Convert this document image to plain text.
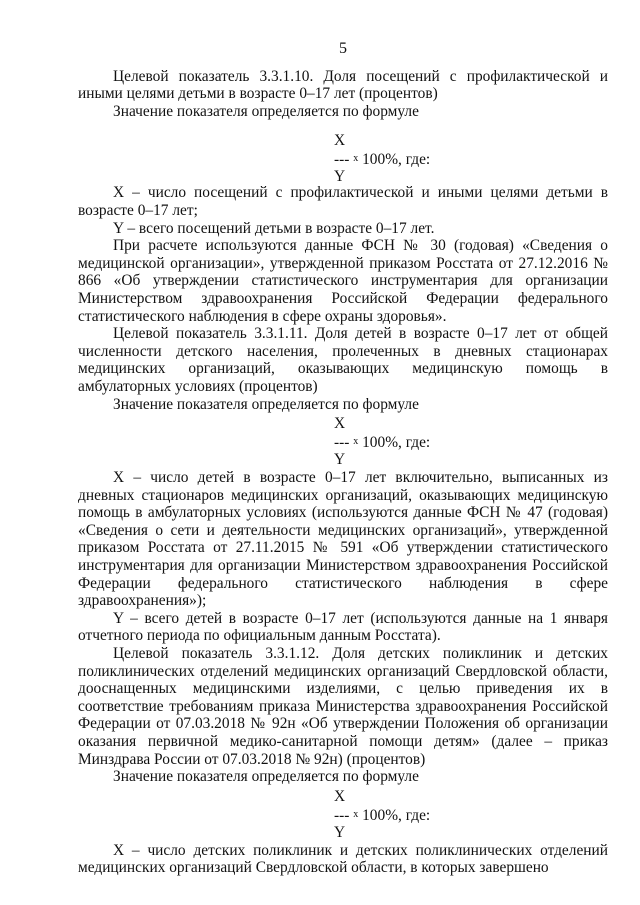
5

Целевой показатель 3.3.1.10. Доля посещений с профилактической и иными целями детьми в возрасте 0–17 лет (процентов)

Значение показателя определяется по формуле

X
--- x 100%, где:
Y

X – число посещений с профилактической и иными целями детьми в возрасте 0–17 лет;

Y – всего посещений детьми в возрасте 0–17 лет.

При расчете используются данные ФСН № 30 (годовая) «Сведения о медицинской организации», утвержденной приказом Росстата от 27.12.2016 № 866 «Об утверждении статистического инструментария для организации Министерством здравоохранения Российской Федерации федерального статистического наблюдения в сфере охраны здоровья».

Целевой показатель 3.3.1.11. Доля детей в возрасте 0–17 лет от общей численности детского населения, пролеченных в дневных стационарах медицинских организаций, оказывающих медицинскую помощь в амбулаторных условиях (процентов)

Значение показателя определяется по формуле

X
--- x 100%, где:
Y

X – число детей в возрасте 0–17 лет включительно, выписанных из дневных стационаров медицинских организаций, оказывающих медицинскую помощь в амбулаторных условиях (используются данные ФСН № 47 (годовая) «Сведения о сети и деятельности медицинских организаций», утвержденной приказом Росстата от 27.11.2015 № 591 «Об утверждении статистического инструментария для организации Министерством здравоохранения Российской Федерации федерального статистического наблюдения в сфере здравоохранения»);

Y – всего детей в возрасте 0–17 лет (используются данные на 1 января отчетного периода по официальным данным Росстата).

Целевой показатель 3.3.1.12. Доля детских поликлиник и детских поликлинических отделений медицинских организаций Свердловской области, дооснащенных медицинскими изделиями, с целью приведения их в соответствие требованиям приказа Министерства здравоохранения Российской Федерации от 07.03.2018 № 92н «Об утверждении Положения об организации оказания первичной медико-санитарной помощи детям» (далее – приказ Минздрава России от 07.03.2018 № 92н) (процентов)

Значение показателя определяется по формуле

X
--- x 100%, где:
Y

X – число детских поликлиник и детских поликлинических отделений медицинских организаций Свердловской области, в которых завершено
